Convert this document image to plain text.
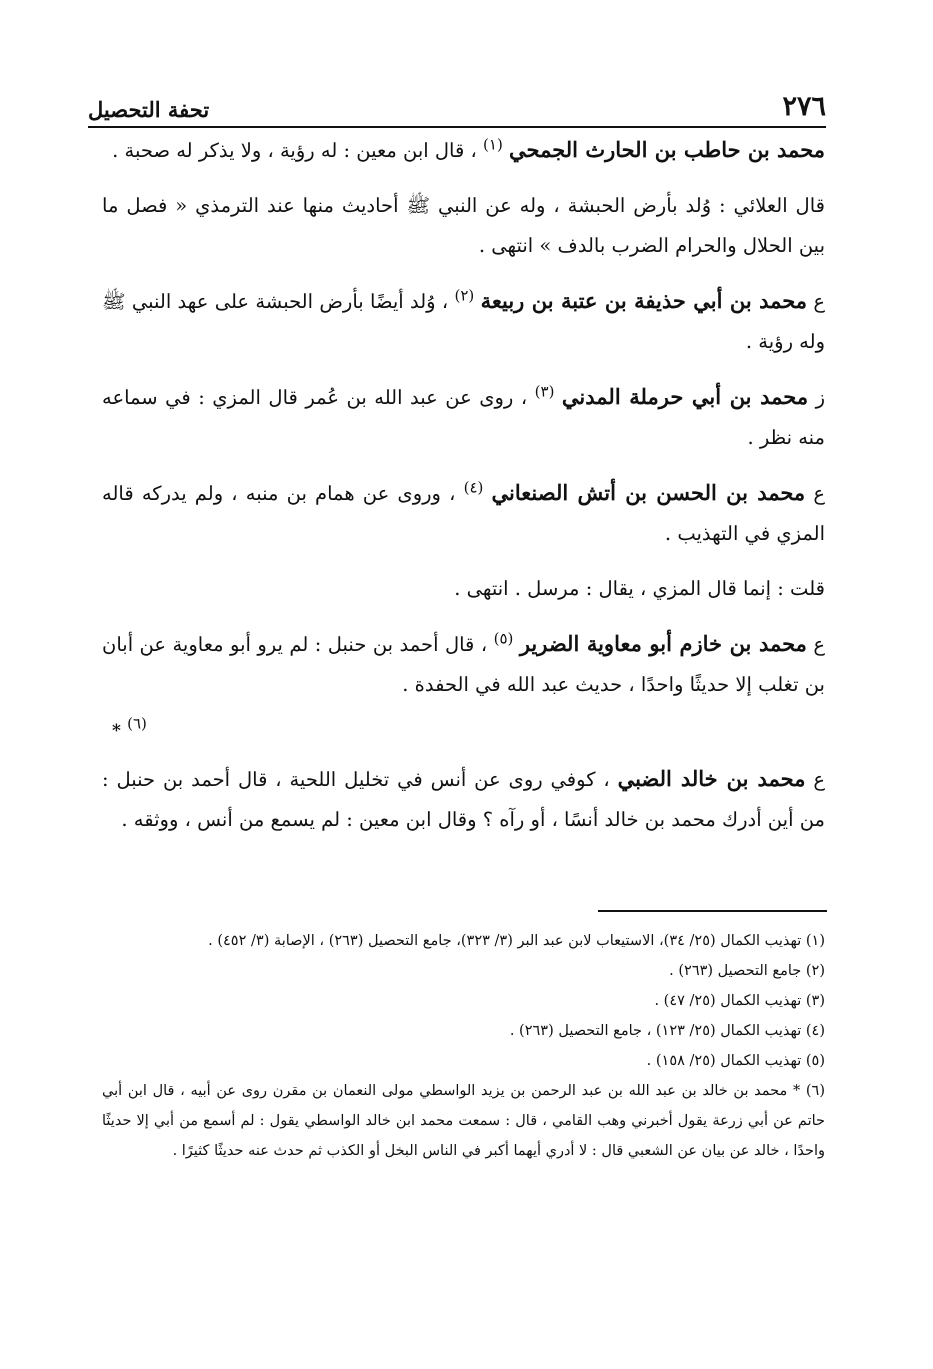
تحفة التحصيل	٢٧٦

محمد بن حاطب بن الحارث الجمحي $^{(١)}$ ، قال ابن معين : له رؤية ، ولا يذكر له صحبة .

قال العلائي : وُلد بأرض الحبشة ، وله عن النبي ﷺ أحاديث منها عند الترمذي « فصل ما بين الحلال والحرام الضرب بالدف » انتهى .

ع محمد بن أبي حذيفة بن عتبة بن ربيعة $^{(٢)}$ ، وُلد أيضًا بأرض الحبشة على عهد النبي ﷺ وله رؤية .

ز محمد بن أبي حرملة المدني $^{(٣)}$ ، روى عن عبد الله بن عُمر قال المزي : في سماعه منه نظر .

ع محمد بن الحسن بن أتش الصنعاني $^{(٤)}$ ، وروى عن همام بن منبه ، ولم يدركه قاله المزي في التهذيب .

قلت : إنما قال المزي ، يقال : مرسل . انتهى .

ع محمد بن خازم أبو معاوية الضرير $^{(٥)}$ ، قال أحمد بن حنبل : لم يرو أبو معاوية عن أبان بن تغلب إلا حديثًا واحدًا ، حديث عبد الله في الحفدة .

* $^{(٦)}$

ع محمد بن خالد الضبي ، كوفي روى عن أنس في تخليل اللحية ، قال أحمد بن حنبل : من أين أدرك محمد بن خالد أنسًا ، أو رآه ؟ وقال ابن معين : لم يسمع من أنس ، ووثقه .

(١) تهذيب الكمال (٢٥/ ٣٤)، الاستيعاب لابن عبد البر (٣/ ٣٢٣)، جامع التحصيل (٢٦٣) ، الإصابة (٣/ ٤٥٢) .

(٢) جامع التحصيل (٢٦٣) .

(٣) تهذيب الكمال (٢٥/ ٤٧) .

(٤) تهذيب الكمال (٢٥/ ١٢٣) ، جامع التحصيل (٢٦٣) .

(٥) تهذيب الكمال (٢٥/ ١٥٨) .

(٦) * محمد بن خالد بن عبد الله بن عبد الرحمن بن يزيد الواسطي مولى النعمان بن مقرن روى عن أبيه ، قال ابن أبي حاتم عن أبي زرعة يقول أخبرني وهب القامي ، قال : سمعت محمد ابن خالد الواسطي يقول : لم أسمع من أبي إلا حديثًا واحدًا ، خالد عن بيان عن الشعبي قال : لا أدري أيهما أكبر في الناس البخل أو الكذب ثم حدث عنه حديثًا كثيرًا .
